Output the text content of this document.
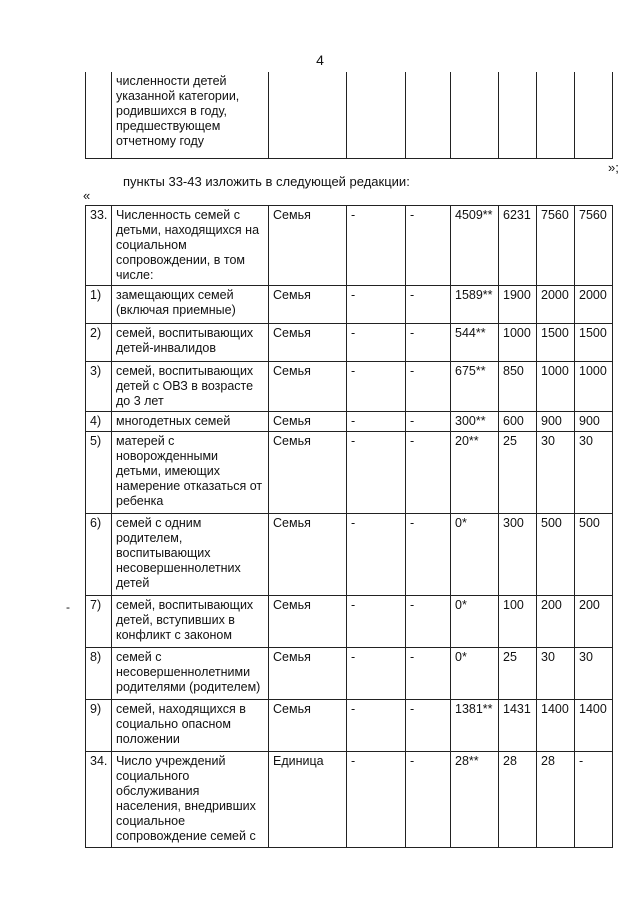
4
	численности детей указанной категории, родившихся в году, предшествующем отчетному году							
»;
пункты 33-43 изложить в следующей редакции:
«
-
33.	Численность семей с детьми, находящихся на социальном сопровождении, в том числе:	Семья	-	-	4509**	6231	7560	7560
1)	замещающих семей (включая приемные)	Семья	-	-	1589**	1900	2000	2000
2)	семей, воспитывающих детей-инвалидов	Семья	-	-	544**	1000	1500	1500
3)	семей, воспитывающих детей с ОВЗ в возрасте до 3 лет	Семья	-	-	675**	850	1000	1000
4)	многодетных семей	Семья	-	-	300**	600	900	900
5)	матерей с новорожденными детьми, имеющих намерение отказаться от ребенка	Семья	-	-	20**	25	30	30
6)	семей с одним родителем, воспитывающих несовершеннолетних детей	Семья	-	-	0*	300	500	500
7)	семей, воспитывающих детей, вступивших в конфликт с законом	Семья	-	-	0*	100	200	200
8)	семей с несовершеннолетними родителями (родителем)	Семья	-	-	0*	25	30	30
9)	семей, находящихся в социально опасном положении	Семья	-	-	1381**	1431	1400	1400
34.	Число учреждений социального обслуживания населения, внедривших социальное сопровождение семей с	Единица	-	-	28**	28	28	-
